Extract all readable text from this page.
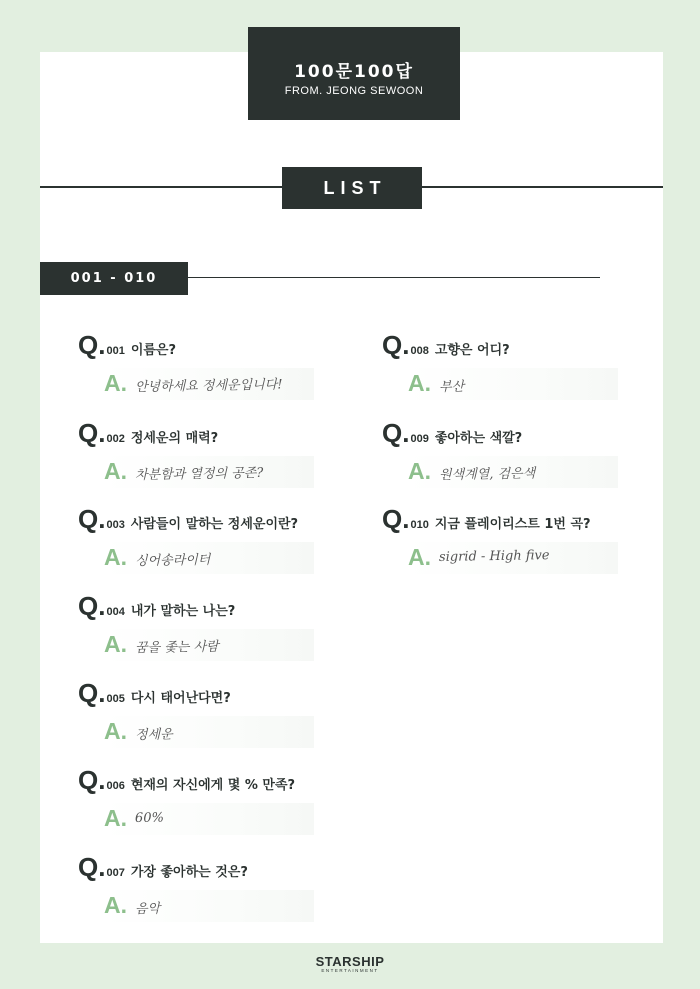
100문100답
FROM. JEONG SEWOON
LIST
001 - 010
Q.001 이름은?
A. 안녕하세요 정세운입니다!
Q.002 정세운의 매력?
A. 차분함과 열정의 공존?
Q.003 사람들이 말하는 정세운이란?
A. 싱어송라이터
Q.004 내가 말하는 나는?
A. 꿈을 좇는 사람
Q.005 다시 태어난다면?
A. 정세운
Q.006 현재의 자신에게 몇 % 만족?
A. 60%
Q.007 가장 좋아하는 것은?
A. 음악
Q.008 고향은 어디?
A. 부산
Q.009 좋아하는 색깔?
A. 원색계열, 검은색
Q.010 지금 플레이리스트 1번 곡?
A. sigrid - High five
STARSHIP
ENTERTAINMENT
